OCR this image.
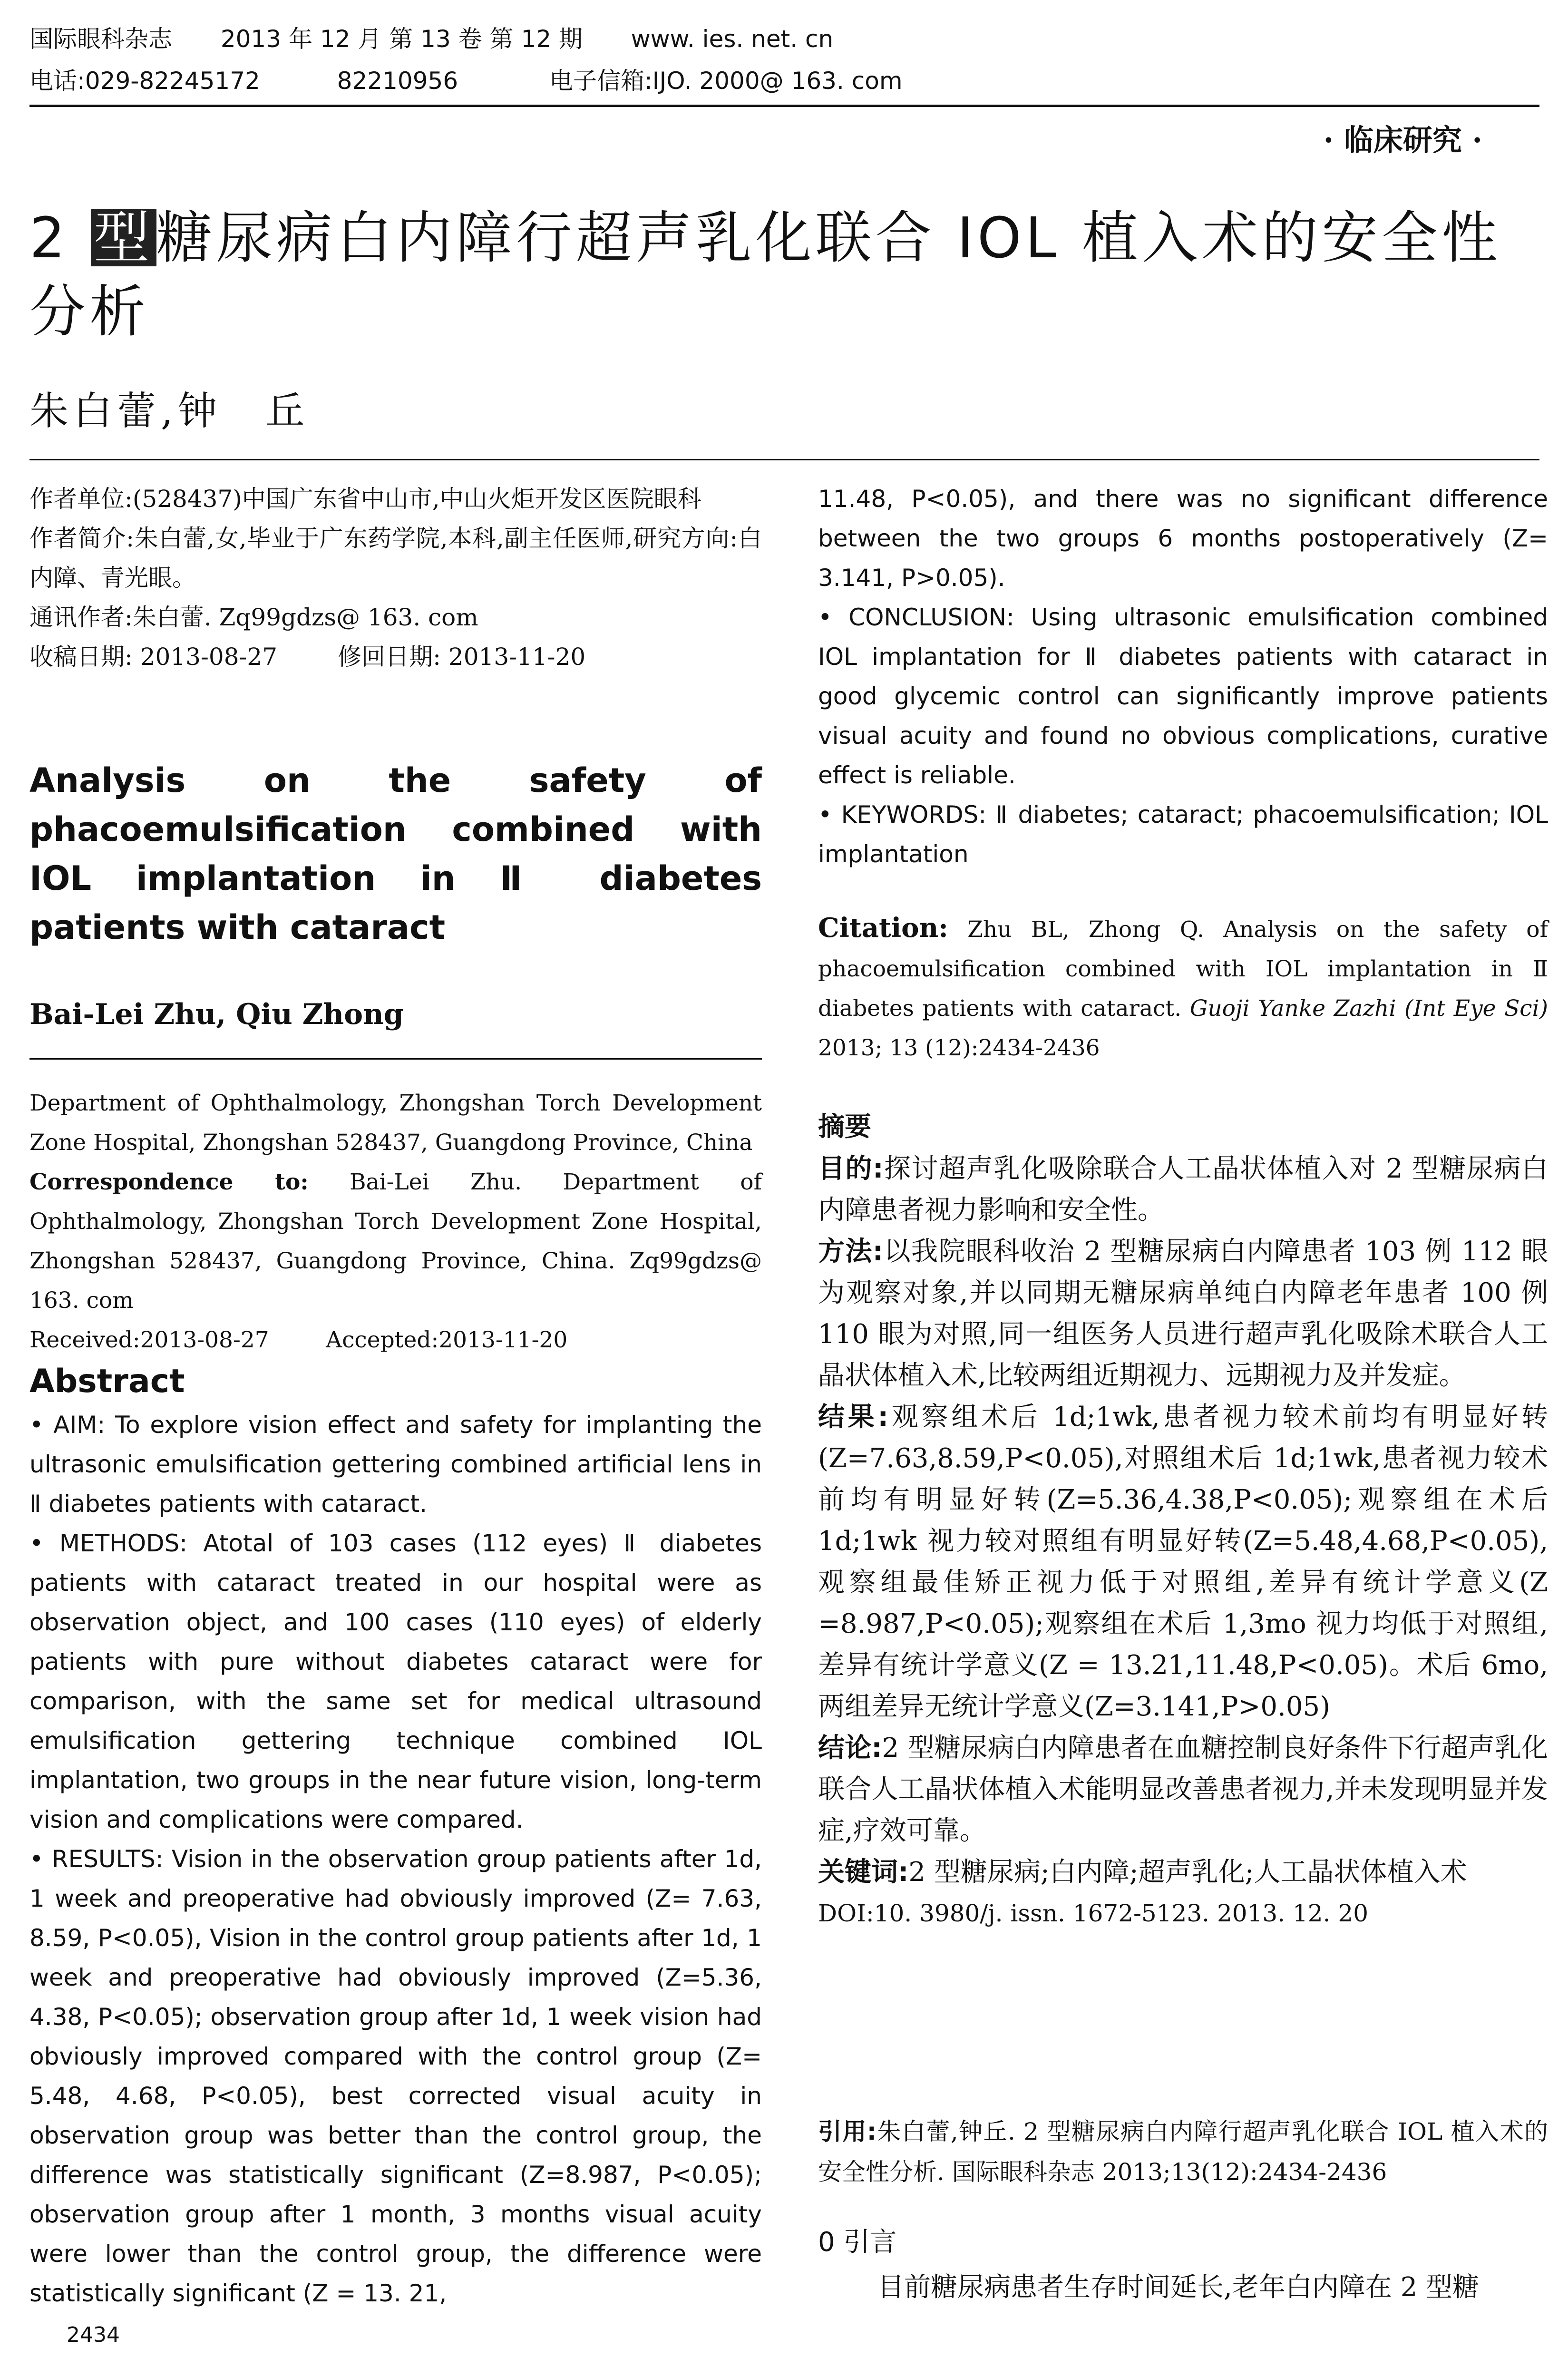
国际眼科杂志 2013 年 12 月 第 13 卷 第 12 期 www. ies. net. cn
电话:029-82245172	82210956	电子信箱:IJO. 2000@ 163. com
· 临床研究 ·
2 型糖尿病白内障行超声乳化联合 IOL 植入术的安全性
分析
朱白蕾,钟　丘

作者单位:(528437)中国广东省中山市,中山火炬开发区医院眼科

作者简介:朱白蕾,女,毕业于广东药学院,本科,副主任医师,研究方向:白内障、青光眼。

通讯作者:朱白蕾. Zq99gdzs@ 163. com

收稿日期: 2013-08-27        修回日期: 2013-11-20

Analysis on the safety of phacoemulsification combined with IOL implantation in Ⅱ diabetes patients with cataract
Bai-Lei Zhu, Qiu Zhong

Department of Ophthalmology, Zhongshan Torch Development Zone Hospital, Zhongshan 528437, Guangdong Province, China

Correspondence to: Bai-Lei Zhu. Department of Ophthalmology, Zhongshan Torch Development Zone Hospital, Zhongshan 528437, Guangdong Province, China. Zq99gdzs@ 163. com

Received:2013-08-27        Accepted:2013-11-20

Abstract

• AIM: To explore vision effect and safety for implanting the ultrasonic emulsification gettering combined artificial lens in Ⅱ diabetes patients with cataract.

• METHODS: Atotal of 103 cases (112 eyes) Ⅱ diabetes patients with cataract treated in our hospital were as observation object, and 100 cases (110 eyes) of elderly patients with pure without diabetes cataract were for comparison, with the same set for medical ultrasound emulsification gettering technique combined IOL implantation, two groups in the near future vision, long-term vision and complications were compared.

• RESULTS: Vision in the observation group patients after 1d, 1 week and preoperative had obviously improved (Z= 7.63, 8.59, P<0.05), Vision in the control group patients after 1d, 1 week and preoperative had obviously improved (Z=5.36, 4.38, P<0.05); observation group after 1d, 1 week vision had obviously improved compared with the control group (Z= 5.48, 4.68, P<0.05), best corrected visual acuity in observation group was better than the control group, the difference was statistically significant (Z=8.987, P<0.05); observation group after 1 month, 3 months visual acuity were lower than the control group, the difference were statistically significant (Z = 13. 21,

2434

11.48, P<0.05), and there was no significant difference between the two groups 6 months postoperatively (Z= 3.141, P>0.05).

• CONCLUSION: Using ultrasonic emulsification combined IOL implantation for Ⅱ diabetes patients with cataract in good glycemic control can significantly improve patients visual acuity and found no obvious complications, curative effect is reliable.

• KEYWORDS: Ⅱ diabetes; cataract; phacoemulsification; IOL implantation

Citation: Zhu BL, Zhong Q. Analysis on the safety of phacoemulsification combined with IOL implantation in Ⅱ diabetes patients with cataract. Guoji Yanke Zazhi (Int Eye Sci) 2013; 13 (12):2434-2436
摘要

目的:探讨超声乳化吸除联合人工晶状体植入对 2 型糖尿病白内障患者视力影响和安全性。

方法:以我院眼科收治 2 型糖尿病白内障患者 103 例 112 眼为观察对象,并以同期无糖尿病单纯白内障老年患者 100 例 110 眼为对照,同一组医务人员进行超声乳化吸除术联合人工晶状体植入术,比较两组近期视力、远期视力及并发症。

结果:观察组术后 1d;1wk,患者视力较术前均有明显好转(Z=7.63,8.59,P<0.05),对照组术后 1d;1wk,患者视力较术前均有明显好转(Z=5.36,4.38,P<0.05);观察组在术后 1d;1wk 视力较对照组有明显好转(Z=5.48,4.68,P<0.05),观察组最佳矫正视力低于对照组,差异有统计学意义(Z =8.987,P<0.05);观察组在术后 1,3mo 视力均低于对照组,差异有统计学意义(Z = 13.21,11.48,P<0.05)。术后 6mo,两组差异无统计学意义(Z=3.141,P>0.05)

结论:2 型糖尿病白内障患者在血糖控制良好条件下行超声乳化联合人工晶状体植入术能明显改善患者视力,并未发现明显并发症,疗效可靠。

关键词:2 型糖尿病;白内障;超声乳化;人工晶状体植入术

DOI:10. 3980/j. issn. 1672-5123. 2013. 12. 20

引用:朱白蕾,钟丘. 2 型糖尿病白内障行超声乳化联合 IOL 植入术的安全性分析. 国际眼科杂志 2013;13(12):2434-2436
0 引言
目前糖尿病患者生存时间延长,老年白内障在 2 型糖
